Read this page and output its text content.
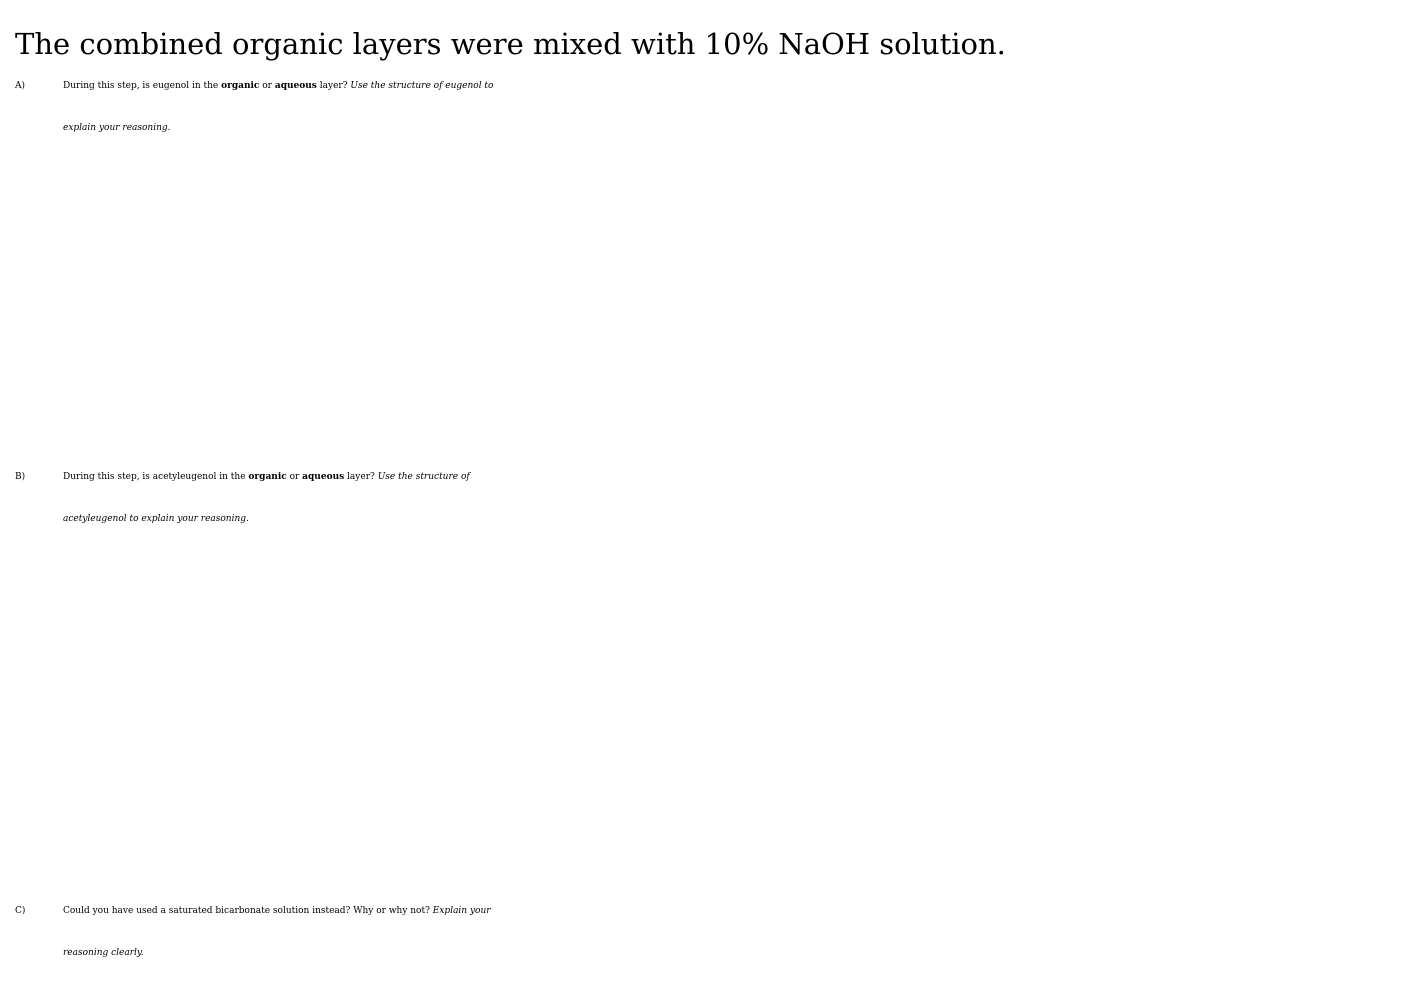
The combined organic layers were mixed with 10% NaOH solution.
A)	During this step, is eugenol in the organic or aqueous layer? Use the structure of eugenol to
explain your reasoning.
B)	During this step, is acetyleugenol in the organic or aqueous layer? Use the structure of
acetyleugenol to explain your reasoning.
C)	Could you have used a saturated bicarbonate solution instead? Why or why not? Explain your
reasoning clearly.
